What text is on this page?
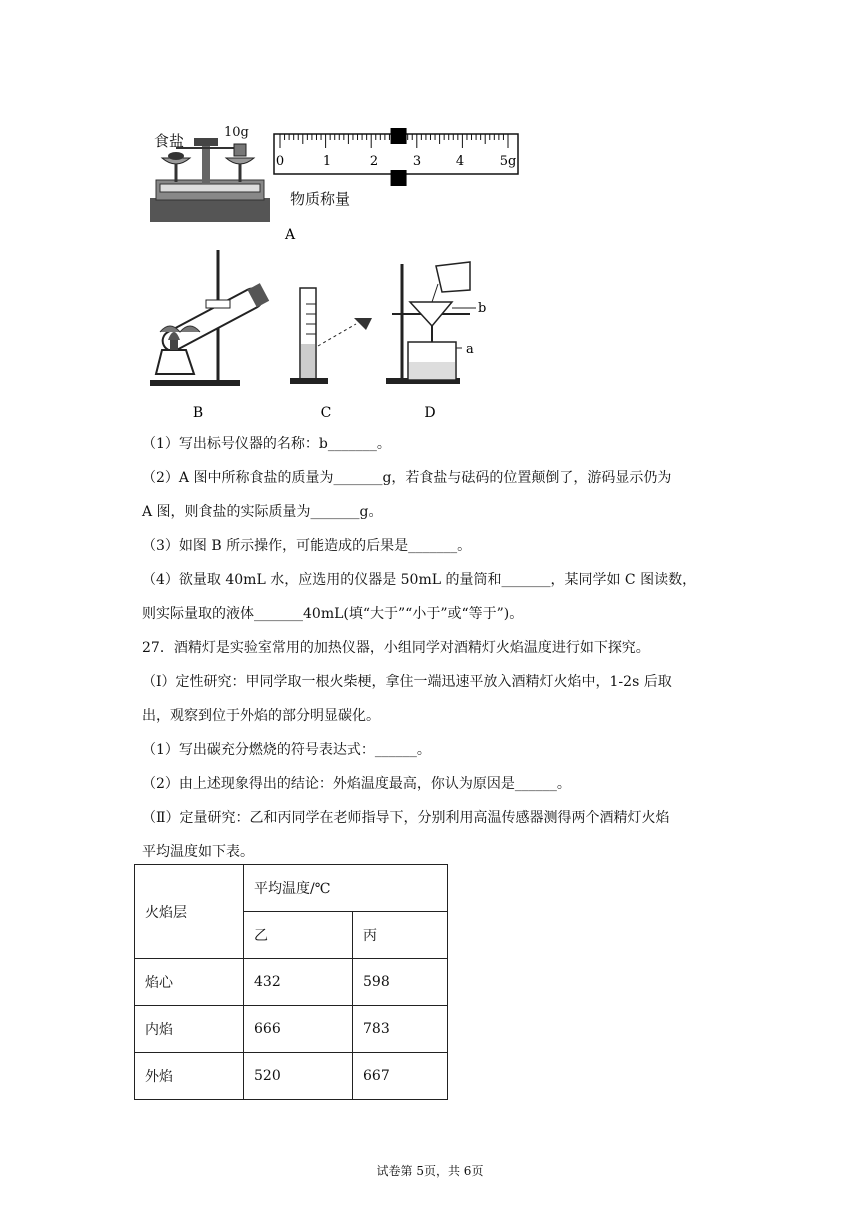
食盐	10g
0	1	2	3	4	5g
物质称量
A
B	C
b
a
D
（1）写出标号仪器的名称：b_______。
（2）A 图中所称食盐的质量为_______g，若食盐与砝码的位置颠倒了，游码显示仍为
A 图，则食盐的实际质量为_______g。
（3）如图 B 所示操作，可能造成的后果是_______。
（4）欲量取 40mL 水，应选用的仪器是 50mL 的量筒和_______，某同学如 C 图读数，
则实际量取的液体_______40mL(填“大于”“小于”或“等于”)。
27．酒精灯是实验室常用的加热仪器，小组同学对酒精灯火焰温度进行如下探究。
（Ⅰ）定性研究：甲同学取一根火柴梗，拿住一端迅速平放入酒精灯火焰中，1-2s 后取
出，观察到位于外焰的部分明显碳化。
（1）写出碳充分燃烧的符号表达式：______。
（2）由上述现象得出的结论：外焰温度最高，你认为原因是______。
（Ⅱ）定量研究：乙和丙同学在老师指导下，分别利用高温传感器测得两个酒精灯火焰
平均温度如下表。
火焰层	平均温度/℃	
	乙	丙
焰心	432	598
内焰	666	783
外焰	520	667
试卷第 5页，共 6页
